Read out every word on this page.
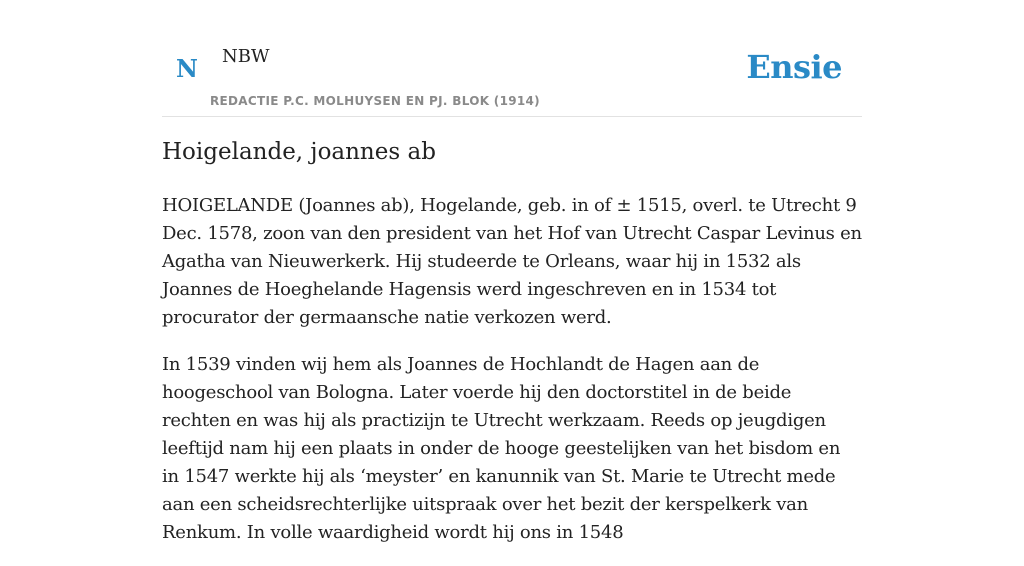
N NBW
REDACTIE P.C. MOLHUYSEN EN PJ. BLOK (1914)
Ensie
Hoigelande, joannes ab

HOIGELANDE (Joannes ab), Hogelande, geb. in of ± 1515, overl. te Utrecht 9 Dec. 1578, zoon van den president van het Hof van Utrecht Caspar Levinus en Agatha van Nieuwerkerk. Hij studeerde te Orleans, waar hij in 1532 als Joannes de Hoeghelande Hagensis werd ingeschreven en in 1534 tot procurator der germaansche natie verkozen werd.

In 1539 vinden wij hem als Joannes de Hochlandt de Hagen aan de hoogeschool van Bologna. Later voerde hij den doctorstitel in de beide rechten en was hij als practizijn te Utrecht werkzaam. Reeds op jeugdigen leeftijd nam hij een plaats in onder de hooge geestelijken van het bisdom en in 1547 werkte hij als ‘meyster’ en kanunnik van St. Marie te Utrecht mede aan een scheidsrechterlijke uitspraak over het bezit der kerspelkerk van Renkum. In volle waardigheid wordt hij ons in 1548
